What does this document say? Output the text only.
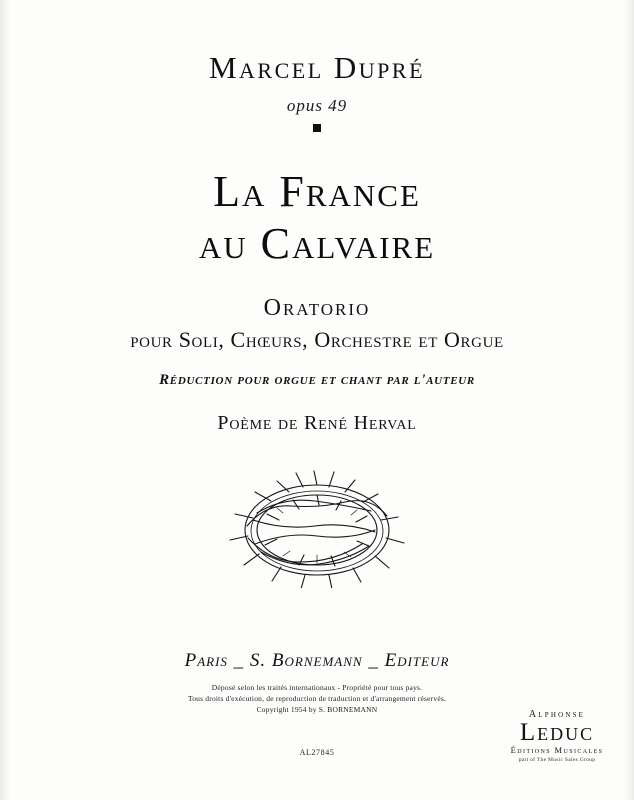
Marcel Dupré
opus 49
La France
au Calvaire
Oratorio
pour Soli, Chœurs, Orchestre et Orgue
Réduction pour orgue et chant par l'auteur
Poème de René Herval
Paris _ S. Bornemann _ Editeur
Déposé selon les traités internationaux - Propriété pour tous pays.
Tous droits d'exécution, de reproduction de traduction et d'arrangement réservés.
Copyright 1954 by S. BORNEMANN
AL27845
Alphonse
Leduc
Éditions Musicales
part of The Music Sales Group
